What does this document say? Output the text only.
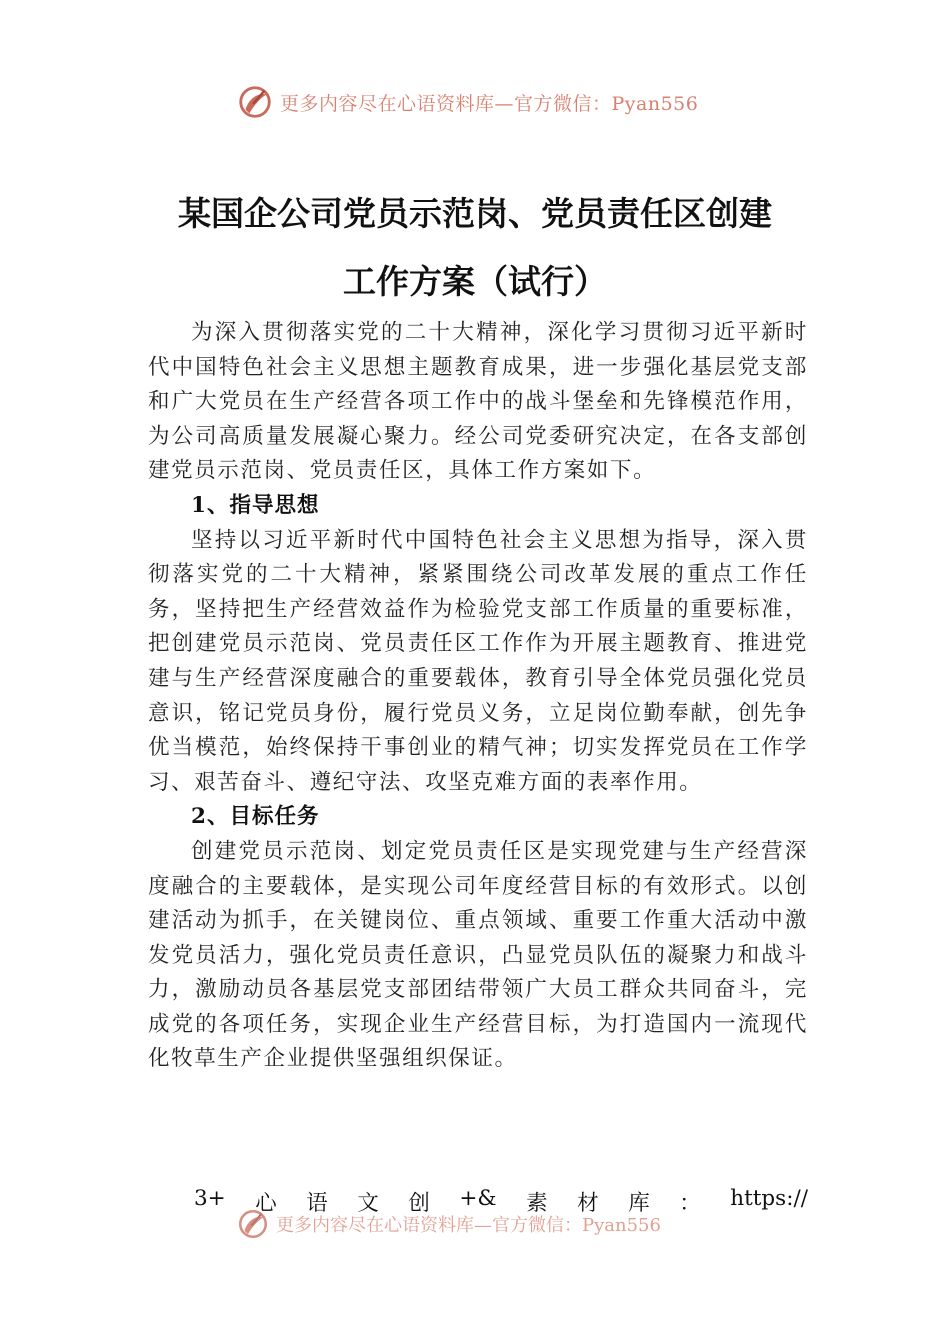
更多内容尽在心语资料库—官方微信：Pyan556
某国企公司党员示范岗、党员责任区创建
工作方案（试行）

为深入贯彻落实党的二十大精神，深化学习贯彻习近平新时代中国特色社会主义思想主题教育成果，进一步强化基层党支部和广大党员在生产经营各项工作中的战斗堡垒和先锋模范作用，为公司高质量发展凝心聚力。经公司党委研究决定，在各支部创建党员示范岗、党员责任区，具体工作方案如下。

1、指导思想

坚持以习近平新时代中国特色社会主义思想为指导，深入贯彻落实党的二十大精神，紧紧围绕公司改革发展的重点工作任务，坚持把生产经营效益作为检验党支部工作质量的重要标准，把创建党员示范岗、党员责任区工作作为开展主题教育、推进党建与生产经营深度融合的重要载体，教育引导全体党员强化党员意识，铭记党员身份，履行党员义务，立足岗位勤奉献，创先争优当模范，始终保持干事创业的精气神；切实发挥党员在工作学习、艰苦奋斗、遵纪守法、攻坚克难方面的表率作用。

2、目标任务

创建党员示范岗、划定党员责任区是实现党建与生产经营深度融合的主要载体，是实现公司年度经营目标的有效形式。以创建活动为抓手，在关键岗位、重点领域、重要工作重大活动中激发党员活力，强化党员责任意识，凸显党员队伍的凝聚力和战斗力，激励动员各基层党支部团结带领广大员工群众共同奋斗，完成党的各项任务，实现企业生产经营目标，为打造国内一流现代化牧草生产企业提供坚强组织保证。

3+ 心 语 文 创 +& 素 材 库 ： https://
更多内容尽在心语资料库—官方微信：Pyan556
